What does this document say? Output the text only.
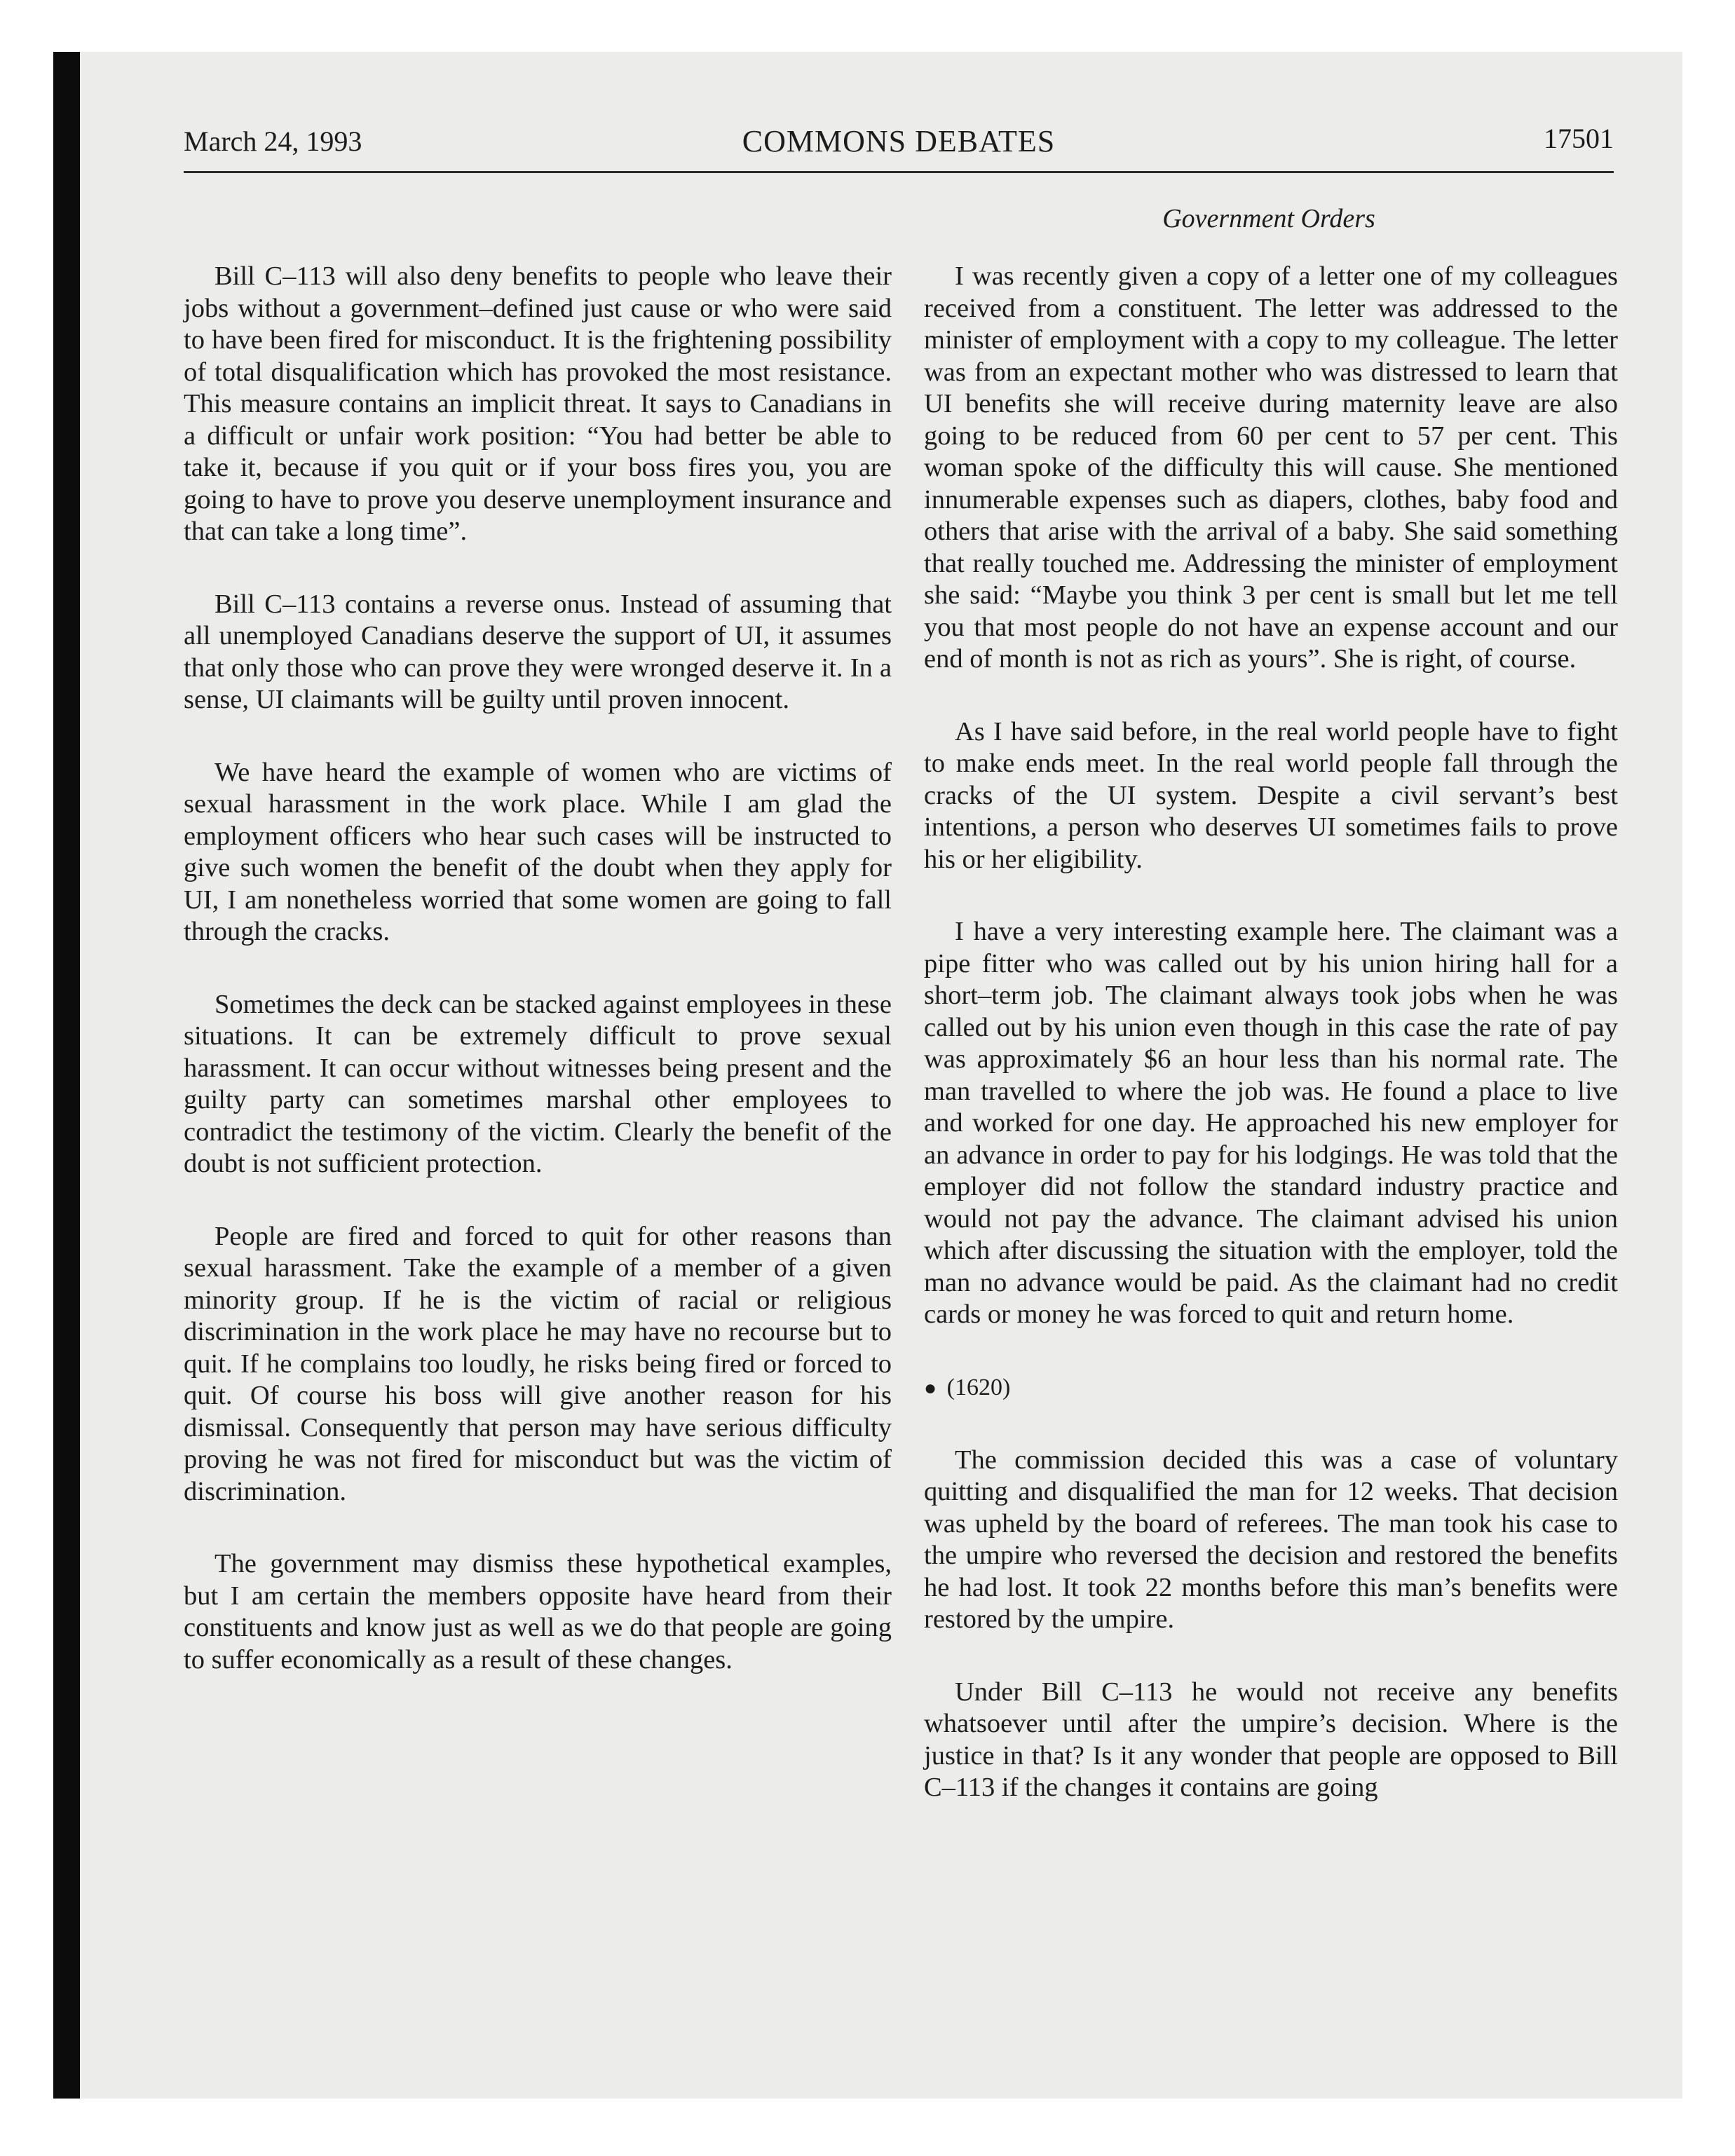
March 24, 1993	COMMONS DEBATES	17501
Government Orders

Bill C–113 will also deny benefits to people who leave their jobs without a government–defined just cause or who were said to have been fired for misconduct. It is the frightening possibility of total disqualification which has provoked the most resistance. This measure contains an implicit threat. It says to Canadians in a difficult or unfair work position: “You had better be able to take it, because if you quit or if your boss fires you, you are going to have to prove you deserve unemployment insurance and that can take a long time”.

Bill C–113 contains a reverse onus. Instead of assuming that all unemployed Canadians deserve the support of UI, it assumes that only those who can prove they were wronged deserve it. In a sense, UI claimants will be guilty until proven innocent.

We have heard the example of women who are victims of sexual harassment in the work place. While I am glad the employment officers who hear such cases will be instructed to give such women the benefit of the doubt when they apply for UI, I am nonetheless worried that some women are going to fall through the cracks.

Sometimes the deck can be stacked against employees in these situations. It can be extremely difficult to prove sexual harassment. It can occur without witnesses being present and the guilty party can sometimes marshal other employees to contradict the testimony of the victim. Clearly the benefit of the doubt is not sufficient protection.

People are fired and forced to quit for other reasons than sexual harassment. Take the example of a member of a given minority group. If he is the victim of racial or religious discrimination in the work place he may have no recourse but to quit. If he complains too loudly, he risks being fired or forced to quit. Of course his boss will give another reason for his dismissal. Consequently that person may have serious difficulty proving he was not fired for misconduct but was the victim of discrimination.

The government may dismiss these hypothetical examples, but I am certain the members opposite have heard from their constituents and know just as well as we do that people are going to suffer economically as a result of these changes.

I was recently given a copy of a letter one of my colleagues received from a constituent. The letter was addressed to the minister of employment with a copy to my colleague. The letter was from an expectant mother who was distressed to learn that UI benefits she will receive during maternity leave are also going to be reduced from 60 per cent to 57 per cent. This woman spoke of the difficulty this will cause. She mentioned innumerable expenses such as diapers, clothes, baby food and others that arise with the arrival of a baby. She said something that really touched me. Addressing the minister of employment she said: “Maybe you think 3 per cent is small but let me tell you that most people do not have an expense account and our end of month is not as rich as yours”. She is right, of course.

As I have said before, in the real world people have to fight to make ends meet. In the real world people fall through the cracks of the UI system. Despite a civil servant’s best intentions, a person who deserves UI sometimes fails to prove his or her eligibility.

I have a very interesting example here. The claimant was a pipe fitter who was called out by his union hiring hall for a short–term job. The claimant always took jobs when he was called out by his union even though in this case the rate of pay was approximately $6 an hour less than his normal rate. The man travelled to where the job was. He found a place to live and worked for one day. He approached his new employer for an advance in order to pay for his lodgings. He was told that the employer did not follow the standard industry practice and would not pay the advance. The claimant advised his union which after discussing the situation with the employer, told the man no advance would be paid. As the claimant had no credit cards or money he was forced to quit and return home.

● (1620)

The commission decided this was a case of voluntary quitting and disqualified the man for 12 weeks. That decision was upheld by the board of referees. The man took his case to the umpire who reversed the decision and restored the benefits he had lost. It took 22 months before this man’s benefits were restored by the umpire.

Under Bill C–113 he would not receive any benefits whatsoever until after the umpire’s decision. Where is the justice in that? Is it any wonder that people are opposed to Bill C–113 if the changes it contains are going
